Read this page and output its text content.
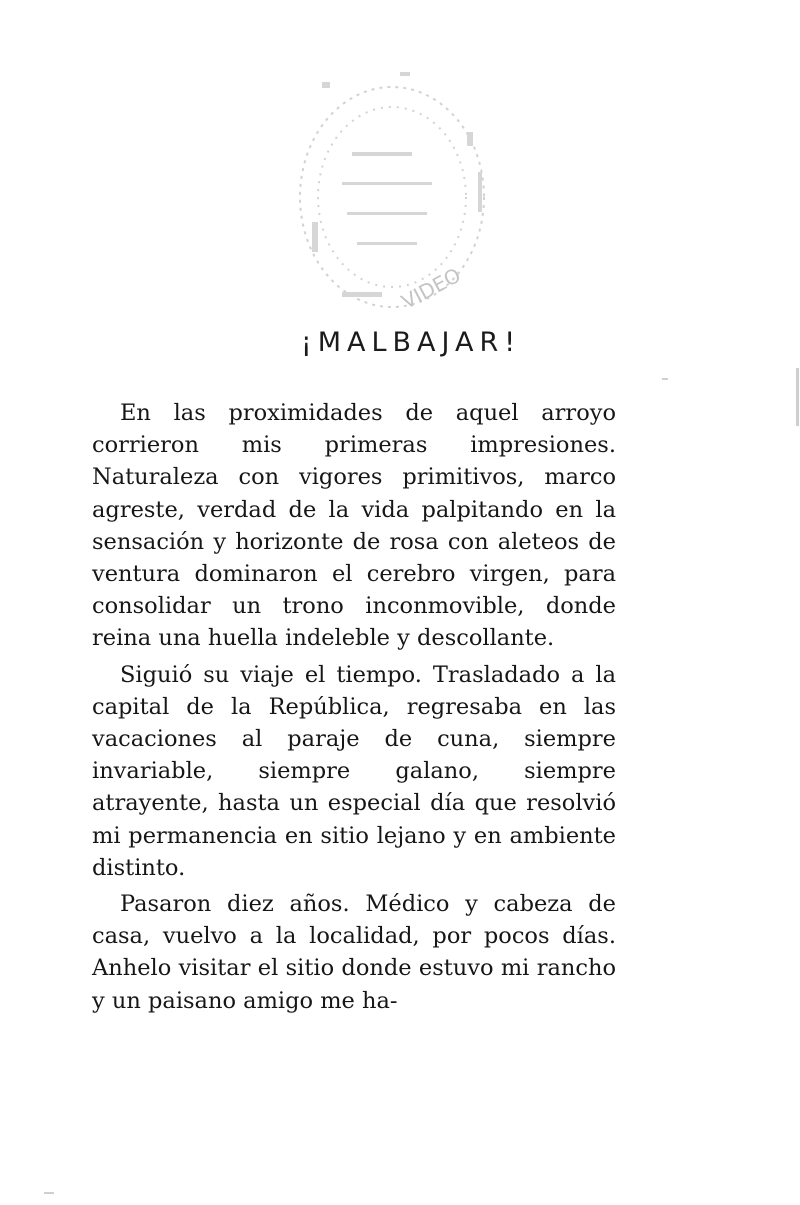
VIDEO
¡MALBAJAR!

En las proximidades de aquel arroyo corrieron mis primeras impresiones. Naturaleza con vigores primitivos, marco agreste, verdad de la vida palpitando en la sensación y horizonte de rosa con aleteos de ventura dominaron el cerebro virgen, para consolidar un trono inconmovible, donde reina una huella indeleble y descollante.

Siguió su viaje el tiempo. Trasladado a la capital de la República, regresaba en las vacaciones al paraje de cuna, siempre invariable, siempre galano, siempre atrayente, hasta un especial día que resolvió mi permanencia en sitio lejano y en ambiente distinto.

Pasaron diez años. Médico y cabeza de casa, vuelvo a la localidad, por pocos días. Anhelo visitar el sitio donde estuvo mi rancho y un paisano amigo me ha-
